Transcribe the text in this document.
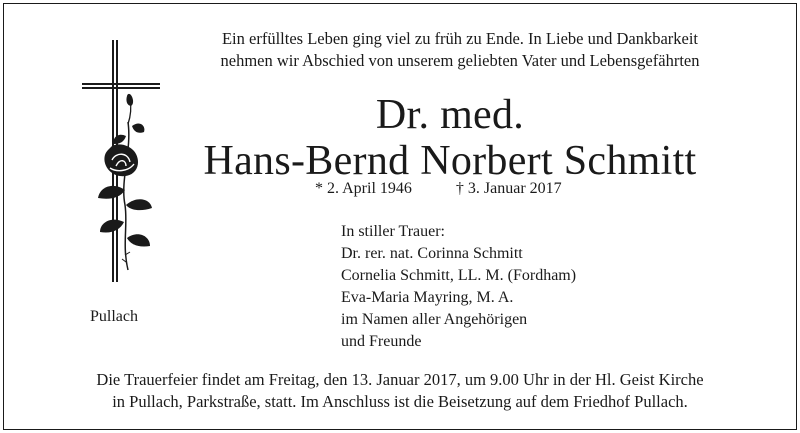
Ein erfülltes Leben ging viel zu früh zu Ende. In Liebe und Dankbarkeit
nehmen wir Abschied von unserem geliebten Vater und Lebensgefährten
Dr. med.
Hans-Bernd Norbert Schmitt
* 2. April 1946	† 3. Januar 2017
In stiller Trauer:
Dr. rer. nat. Corinna Schmitt
Cornelia Schmitt, LL. M. (Fordham)
Eva-Maria Mayring, M. A.
im Namen aller Angehörigen
und Freunde
Pullach
Die Trauerfeier findet am Freitag, den 13. Januar 2017, um 9.00 Uhr in der Hl. Geist Kirche
in Pullach, Parkstraße, statt. Im Anschluss ist die Beisetzung auf dem Friedhof Pullach.
